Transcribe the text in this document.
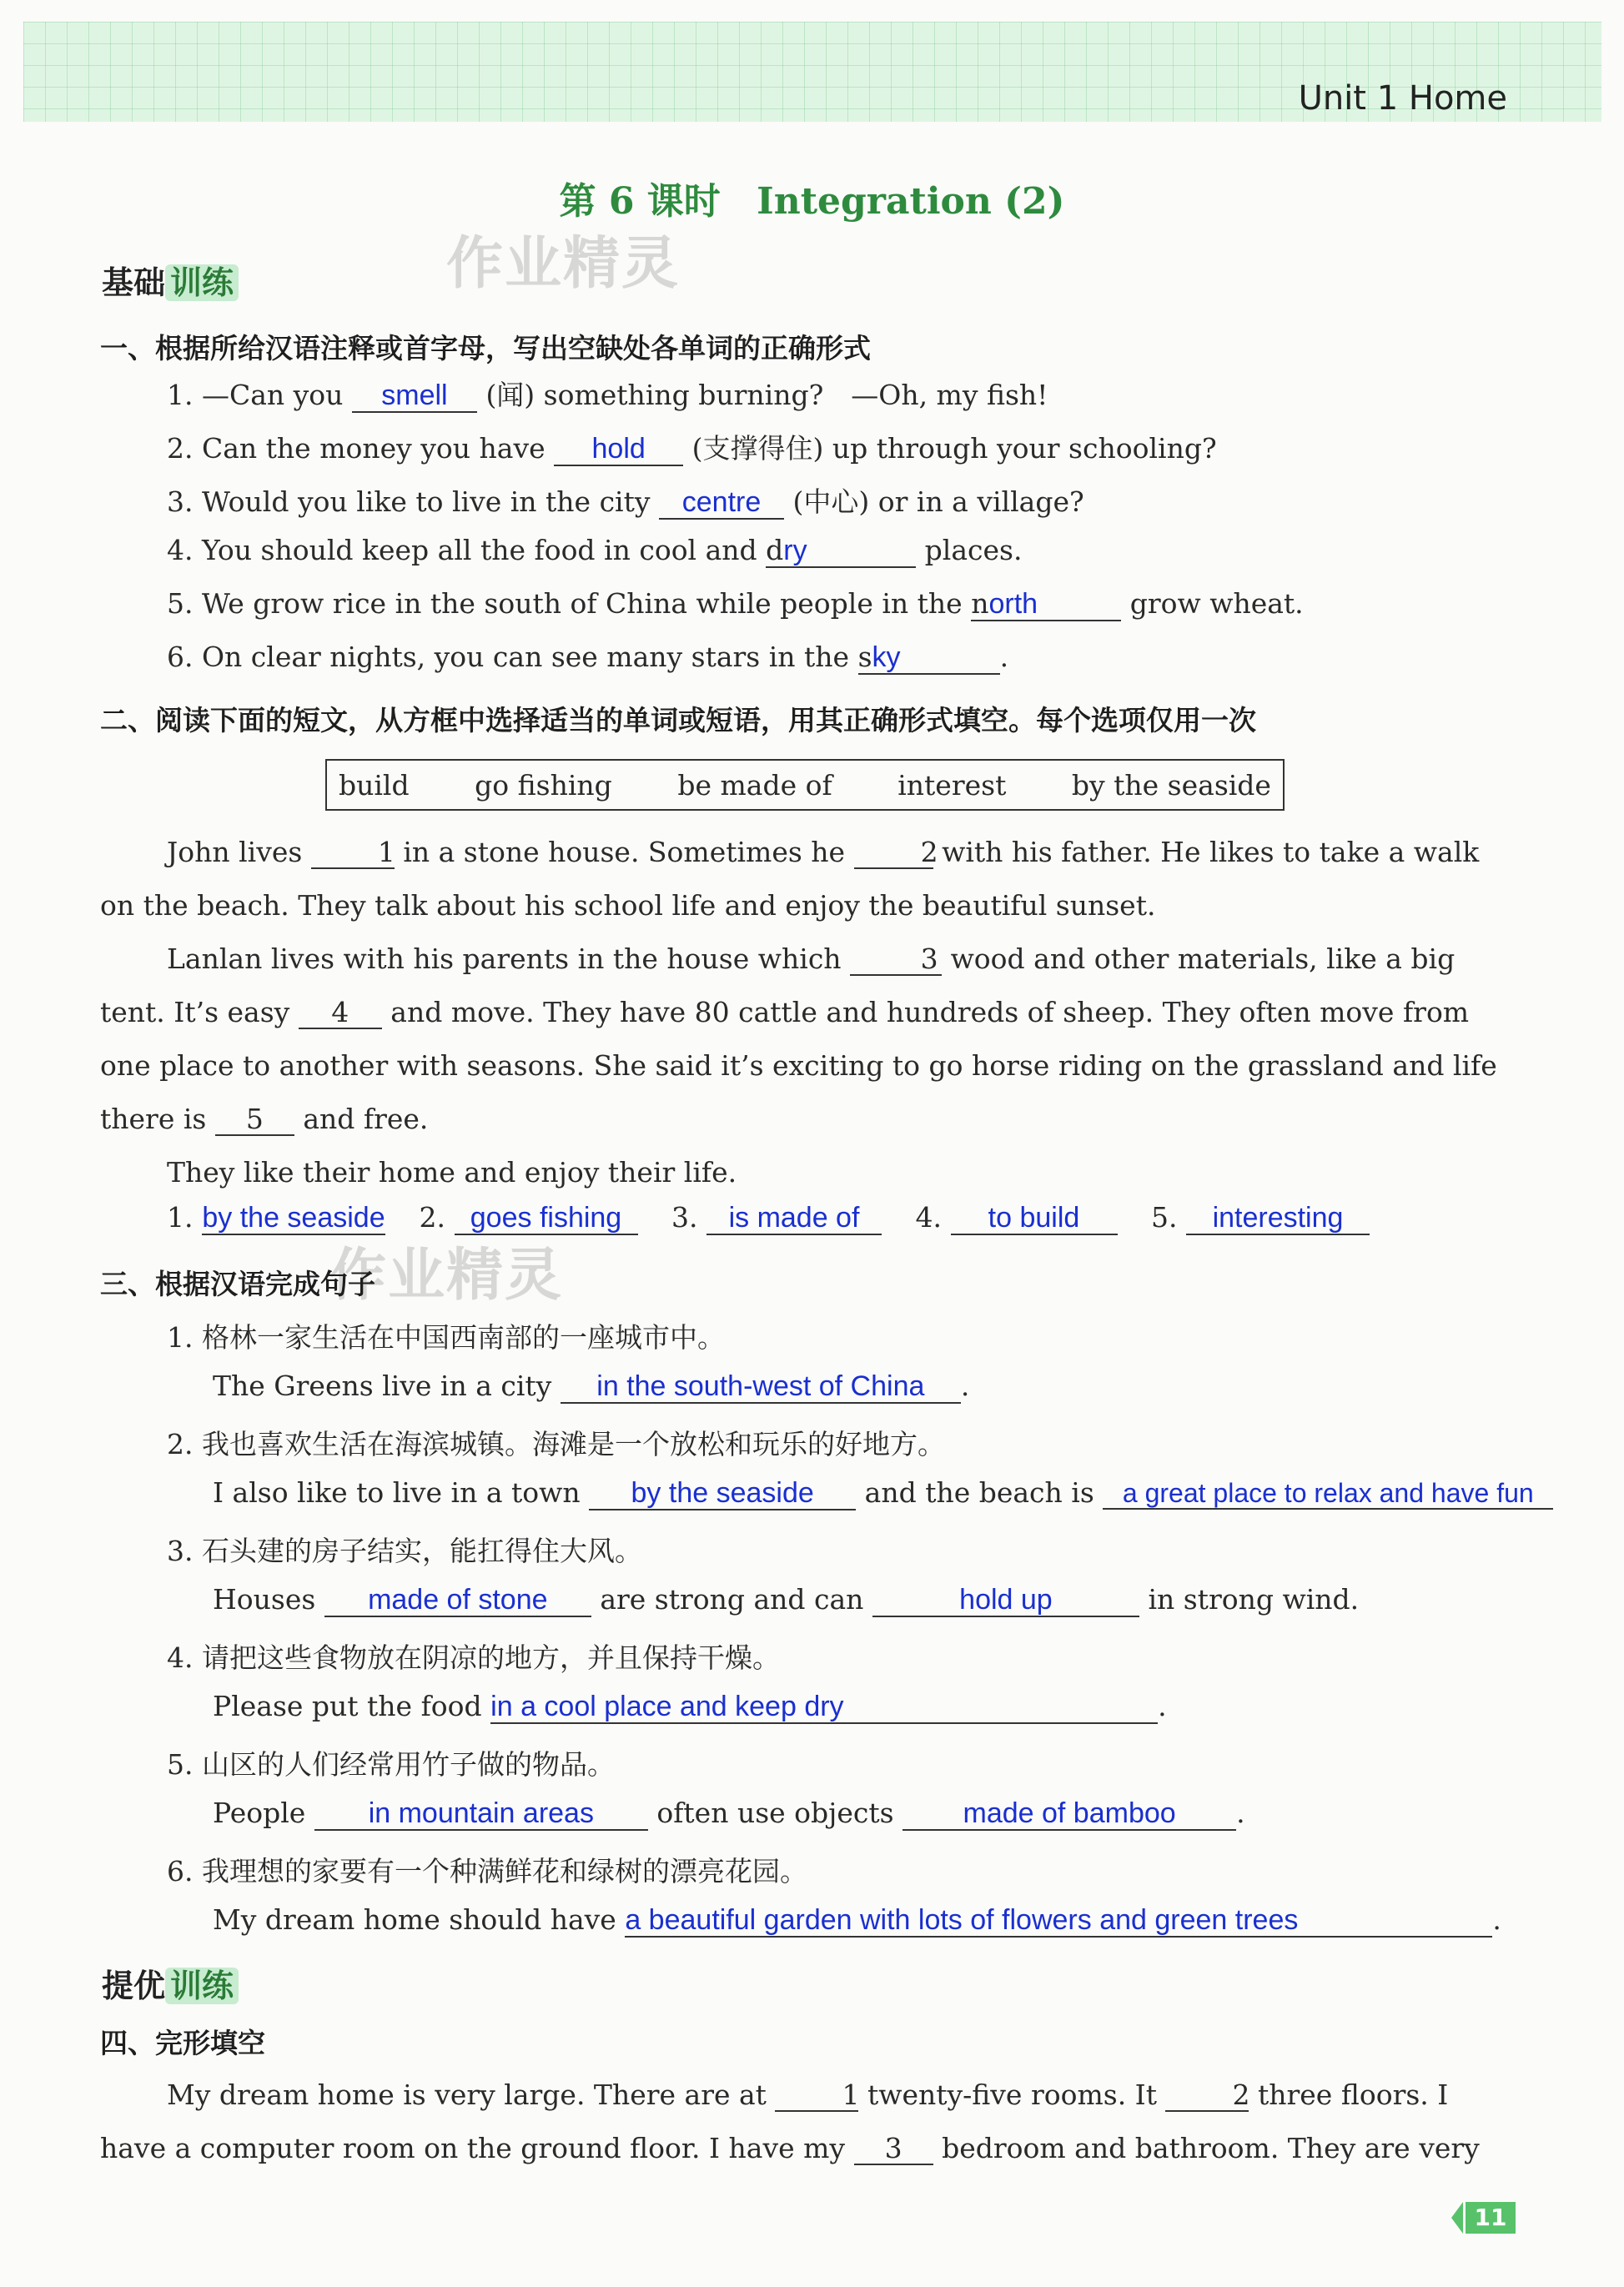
Unit 1 Home
第 6 课时 Integration (2)
作业精灵
作业精灵
基础 训练
一、根据所给汉语注释或首字母，写出空缺处各单词的正确形式
1. —Can you smell (闻) something burning?　—Oh, my fish!
2. Can the money you have hold (支撑得住) up through your schooling?
3. Would you like to live in the city centre (中心) or in a village?
4. You should keep all the food in cool and dry	places.
5. We grow rice in the south of China while people in the north	grow wheat.
6. On clear nights, you can see many stars in the sky	.
二、阅读下面的短文，从方框中选择适当的单词或短语，用其正确形式填空。每个选项仅用一次
build go fishing be made of interest by the seaside
John lives	1 in a stone house. Sometimes he	2 with his father. He likes to take a walk
on the beach. They talk about his school life and enjoy the beautiful sunset.
Lanlan lives with his parents in the house which	3 wood and other materials, like a big
tent. It’s easy 4 and move. They have 80 cattle and hundreds of sheep. They often move from
one place to another with seasons. She said it’s exciting to go horse riding on the grassland and life
there is 5 and free.
They like their home and enjoy their life.
1. by the seaside 2. goes fishing 3. is made of 4. to build	5. interesting
三、根据汉语完成句子
1. 格林一家生活在中国西南部的一座城市中。
The Greens live in a city in the south-west of China .
2. 我也喜欢生活在海滨城镇。海滩是一个放松和玩乐的好地方。
I also like to live in a town by the seaside and the beach is a great place to relax and have fun
3. 石头建的房子结实，能扛得住大风。
Houses made of stone are strong and can	hold up	in strong wind.
4. 请把这些食物放在阴凉的地方，并且保持干燥。
Please put the food in a cool place and keep dry	.
5. 山区的人们经常用竹子做的物品。
People in mountain areas often use objects made of bamboo .
6. 我理想的家要有一个种满鲜花和绿树的漂亮花园。
My dream home should have a beautiful garden with lots of flowers and green trees	.
提优 训练
四、完形填空
My dream home is very large. There are at	1 twenty-five rooms. It	2 three floors. I
have a computer room on the ground floor. I have my 3 bedroom and bathroom. They are very
11
